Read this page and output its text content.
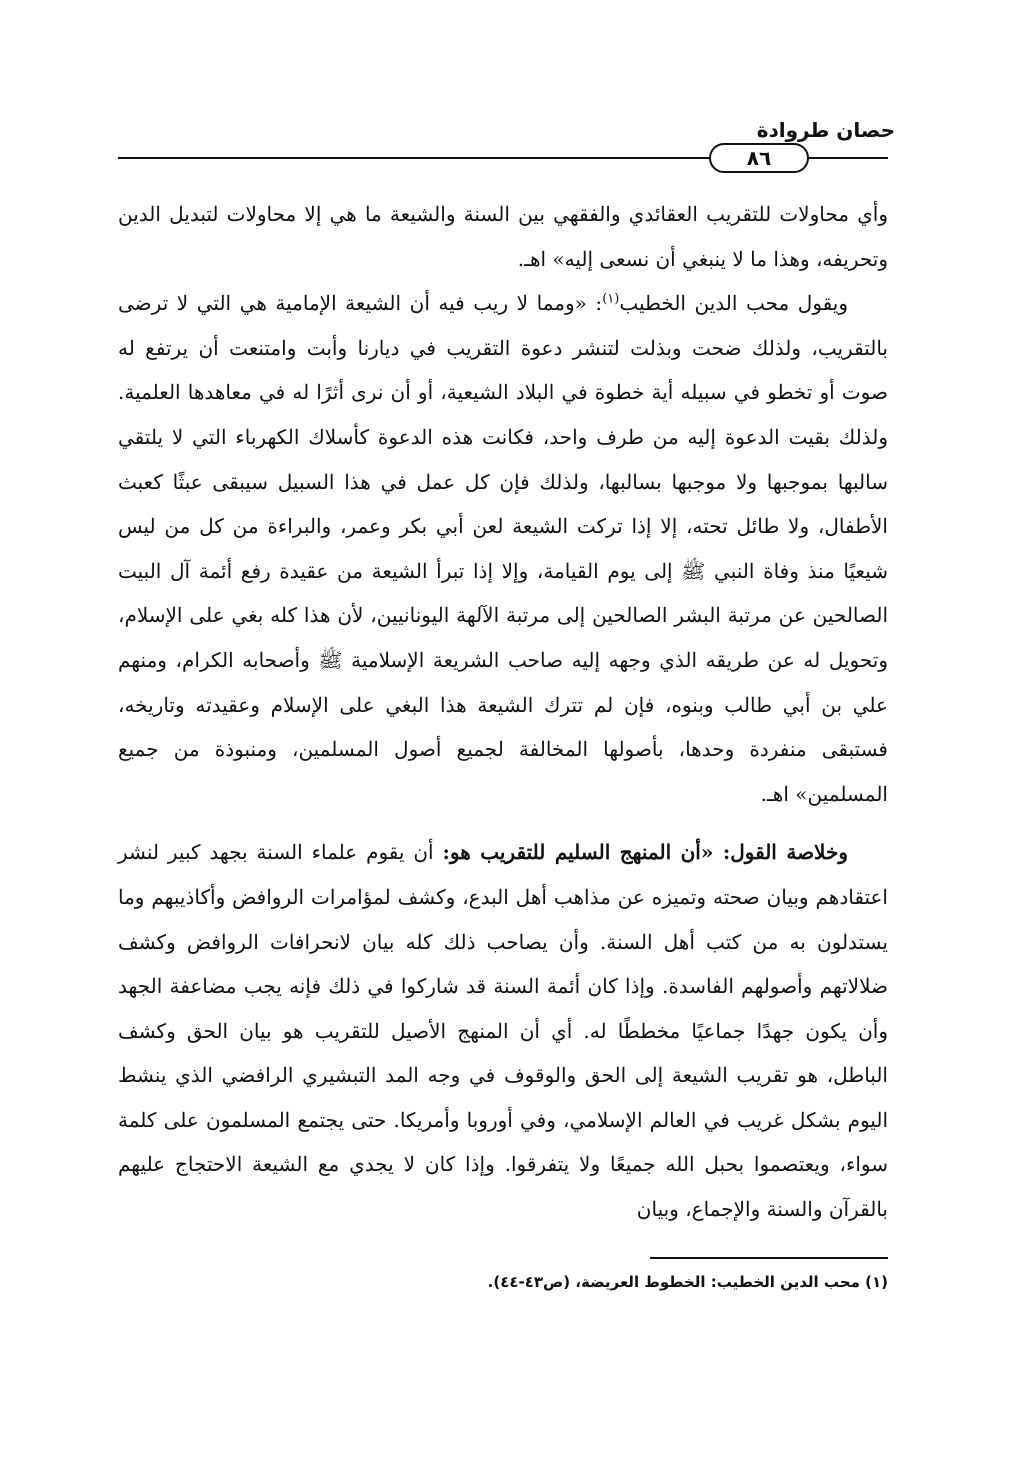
حصان طروادة
٨٦

وأي محاولات للتقريب العقائدي والفقهي بين السنة والشيعة ما هي إلا محاولات لتبديل الدين وتحريفه، وهذا ما لا ينبغي أن نسعى إليه» اهـ.

ويقول محب الدين الخطيب$^{(١)}$: «ومما لا ريب فيه أن الشيعة الإمامية هي التي لا ترضى بالتقريب، ولذلك ضحت وبذلت لتنشر دعوة التقريب في ديارنا وأبت وامتنعت أن يرتفع له صوت أو تخطو في سبيله أية خطوة في البلاد الشيعية، أو أن نرى أثرًا له في معاهدها العلمية. ولذلك بقيت الدعوة إليه من طرف واحد، فكانت هذه الدعوة كأسلاك الكهرباء التي لا يلتقي سالبها بموجبها ولا موجبها بسالبها، ولذلك فإن كل عمل في هذا السبيل سيبقى عبثًا كعبث الأطفال، ولا طائل تحته، إلا إذا تركت الشيعة لعن أبي بكر وعمر، والبراءة من كل من ليس شيعيًا منذ وفاة النبي ﷺ إلى يوم القيامة، وإلا إذا تبرأ الشيعة من عقيدة رفع أئمة آل البيت الصالحين عن مرتبة البشر الصالحين إلى مرتبة الآلهة اليونانيين، لأن هذا كله بغي على الإسلام، وتحويل له عن طريقه الذي وجهه إليه صاحب الشريعة الإسلامية ﷺ وأصحابه الكرام، ومنهم علي بن أبي طالب وبنوه، فإن لم تترك الشيعة هذا البغي على الإسلام وعقيدته وتاريخه، فستبقى منفردة وحدها، بأصولها المخالفة لجميع أصول المسلمين، ومنبوذة من جميع المسلمين» اهـ.

وخلاصة القول: «أن المنهج السليم للتقريب هو: أن يقوم علماء السنة بجهد كبير لنشر اعتقادهم وبيان صحته وتميزه عن مذاهب أهل البدع، وكشف لمؤامرات الروافض وأكاذيبهم وما يستدلون به من كتب أهل السنة. وأن يصاحب ذلك كله بيان لانحرافات الروافض وكشف ضلالاتهم وأصولهم الفاسدة. وإذا كان أئمة السنة قد شاركوا في ذلك فإنه يجب مضاعفة الجهد وأن يكون جهدًا جماعيًا مخططًا له. أي أن المنهج الأصيل للتقريب هو بيان الحق وكشف الباطل، هو تقريب الشيعة إلى الحق والوقوف في وجه المد التبشيري الرافضي الذي ينشط اليوم بشكل غريب في العالم الإسلامي، وفي أوروبا وأمريكا. حتى يجتمع المسلمون على كلمة سواء، ويعتصموا بحبل الله جميعًا ولا يتفرقوا. وإذا كان لا يجدي مع الشيعة الاحتجاج عليهم بالقرآن والسنة والإجماع، وبيان

(١) محب الدين الخطيب: الخطوط العريضة، (ص٤٣-٤٤).
